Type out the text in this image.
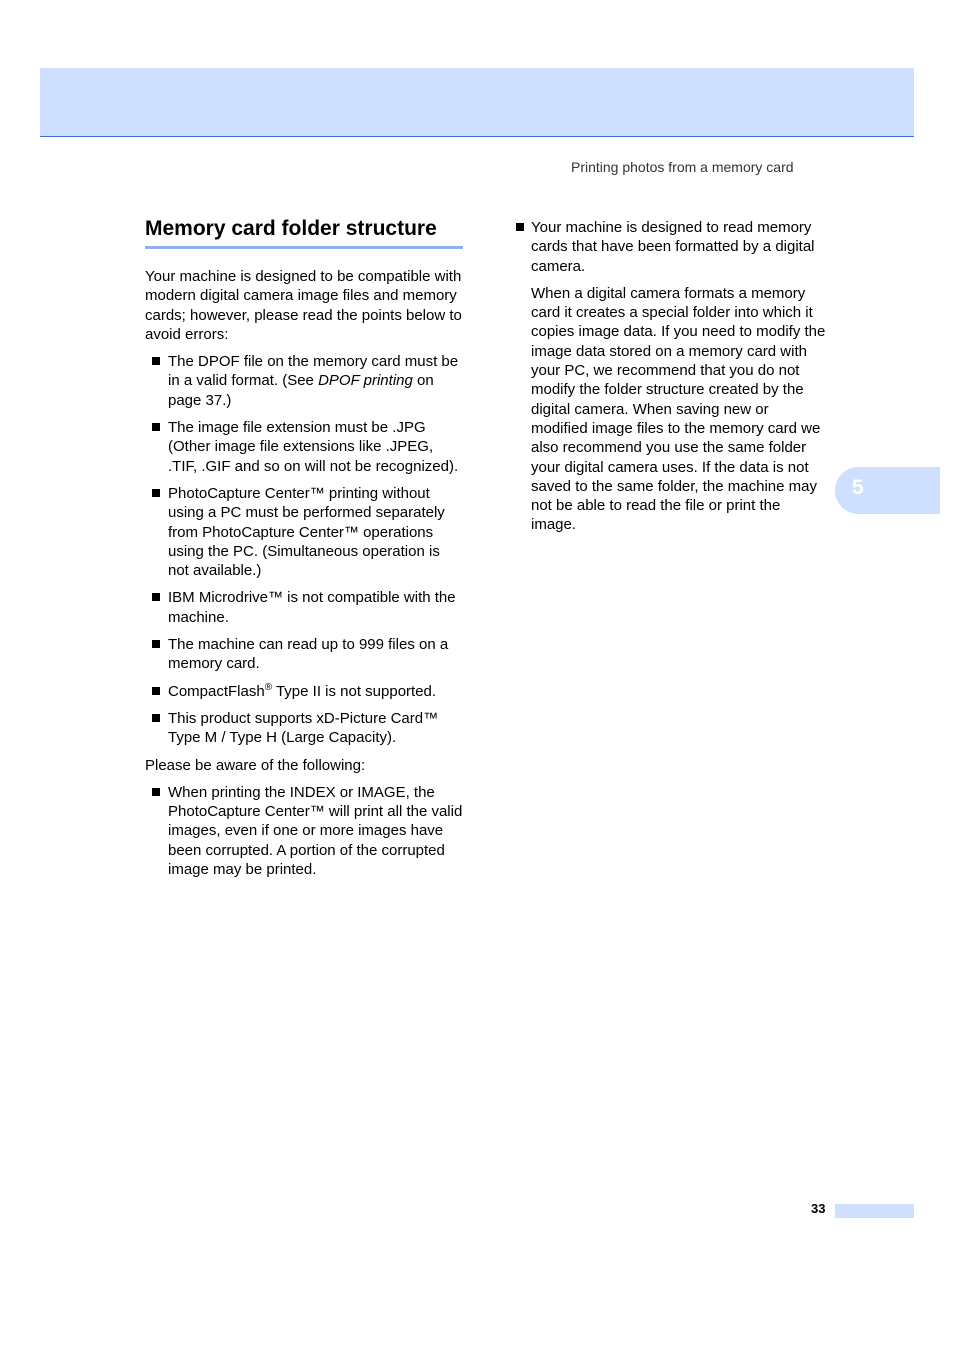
Printing photos from a memory card
Memory card folder structure

Your machine is designed to be compatible with modern digital camera image files and memory cards; however, please read the points below to avoid errors:

The DPOF file on the memory card must be in a valid format. (See DPOF printing on page 37.)
The image file extension must be .JPG (Other image file extensions like .JPEG, .TIF, .GIF and so on will not be recognized).
PhotoCapture Center™ printing without using a PC must be performed separately from PhotoCapture Center™ operations using the PC. (Simultaneous operation is not available.)
IBM Microdrive™ is not compatible with the machine.
The machine can read up to 999 files on a memory card.
CompactFlash® Type II is not supported.
This product supports xD-Picture Card™ Type M / Type H (Large Capacity).

Please be aware of the following:

When printing the INDEX or IMAGE, the PhotoCapture Center™ will print all the valid images, even if one or more images have been corrupted. A portion of the corrupted image may be printed.
Your machine is designed to read memory cards that have been formatted by a digital camera.

When a digital camera formats a memory card it creates a special folder into which it copies image data. If you need to modify the image data stored on a memory card with your PC, we recommend that you do not modify the folder structure created by the digital camera. When saving new or modified image files to the memory card we also recommend you use the same folder your digital camera uses. If the data is not saved to the same folder, the machine may not be able to read the file or print the image.

5
33
